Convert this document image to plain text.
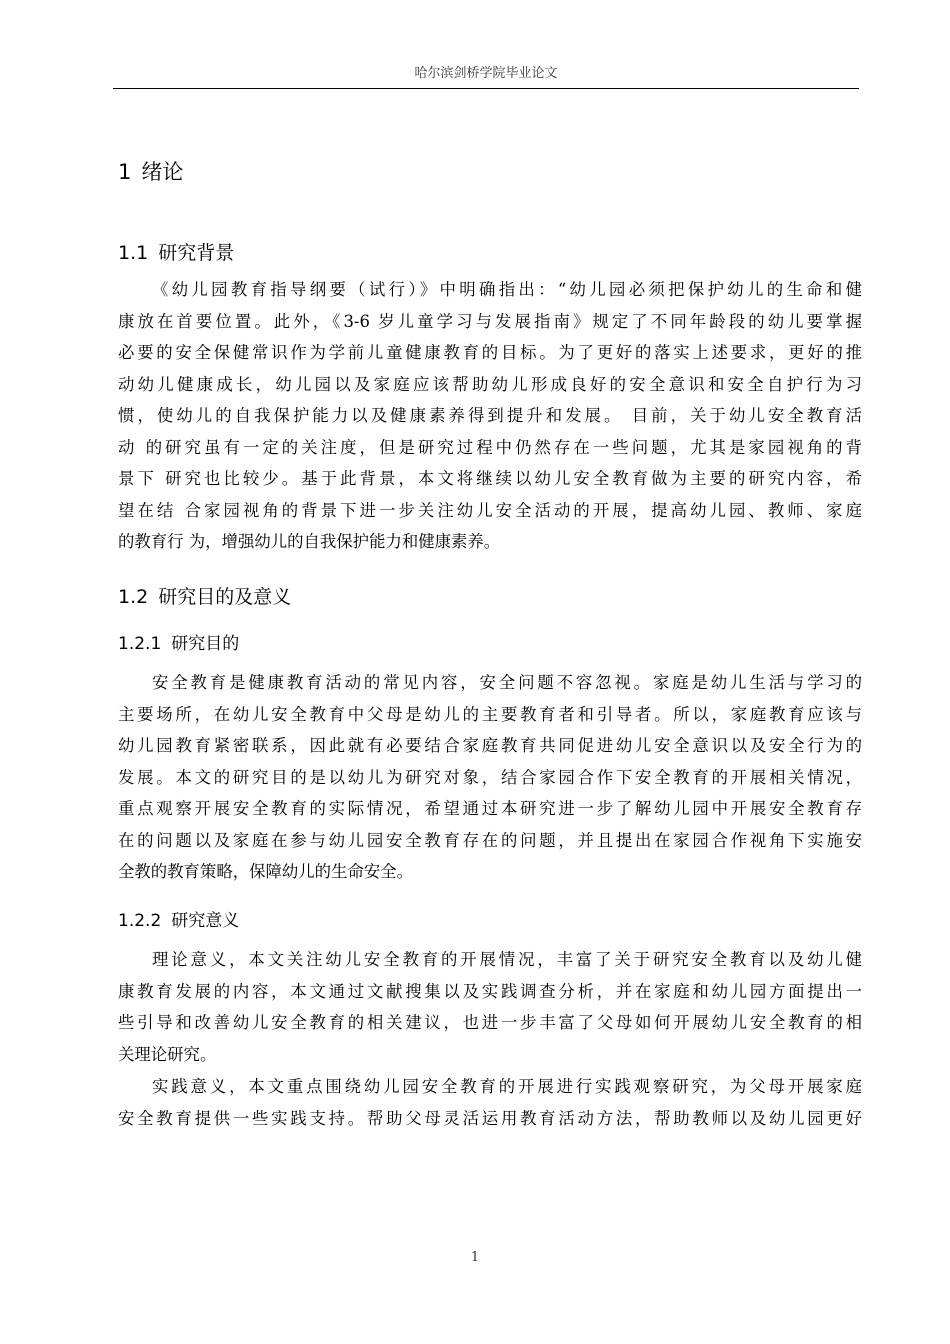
哈尔滨剑桥学院毕业论文
1 绪论
1.1 研究背景
《幼儿园教育指导纲要（试行）》中明确指出：“幼儿园必须把保护幼儿的生命和健
康放在首要位置。此外，《3-6 岁儿童学习与发展指南》规定了不同年龄段的幼儿要掌握
必要的安全保健常识作为学前儿童健康教育的目标。为了更好的落实上述要求，更好的推
动幼儿健康成长，幼儿园以及家庭应该帮助幼儿形成良好的安全意识和安全自护行为习
惯，使幼儿的自我保护能力以及健康素养得到提升和发展。 目前，关于幼儿安全教育活
动 的研究虽有一定的关注度，但是研究过程中仍然存在一些问题，尤其是家园视角的背
景下 研究也比较少。基于此背景，本文将继续以幼儿安全教育做为主要的研究内容，希
望在结 合家园视角的背景下进一步关注幼儿安全活动的开展，提高幼儿园、教师、家庭
的教育行 为，增强幼儿的自我保护能力和健康素养。
1.2 研究目的及意义
1.2.1 研究目的
安全教育是健康教育活动的常见内容，安全问题不容忽视。家庭是幼儿生活与学习的
主要场所，在幼儿安全教育中父母是幼儿的主要教育者和引导者。所以，家庭教育应该与
幼儿园教育紧密联系，因此就有必要结合家庭教育共同促进幼儿安全意识以及安全行为的
发展。本文的研究目的是以幼儿为研究对象，结合家园合作下安全教育的开展相关情况，
重点观察开展安全教育的实际情况，希望通过本研究进一步了解幼儿园中开展安全教育存
在的问题以及家庭在参与幼儿园安全教育存在的问题，并且提出在家园合作视角下实施安
全教的教育策略，保障幼儿的生命安全。
1.2.2 研究意义
理论意义，本文关注幼儿安全教育的开展情况，丰富了关于研究安全教育以及幼儿健
康教育发展的内容，本文通过文献搜集以及实践调查分析，并在家庭和幼儿园方面提出一
些引导和改善幼儿安全教育的相关建议，也进一步丰富了父母如何开展幼儿安全教育的相
关理论研究。
实践意义，本文重点围绕幼儿园安全教育的开展进行实践观察研究，为父母开展家庭
安全教育提供一些实践支持。帮助父母灵活运用教育活动方法，帮助教师以及幼儿园更好
1
